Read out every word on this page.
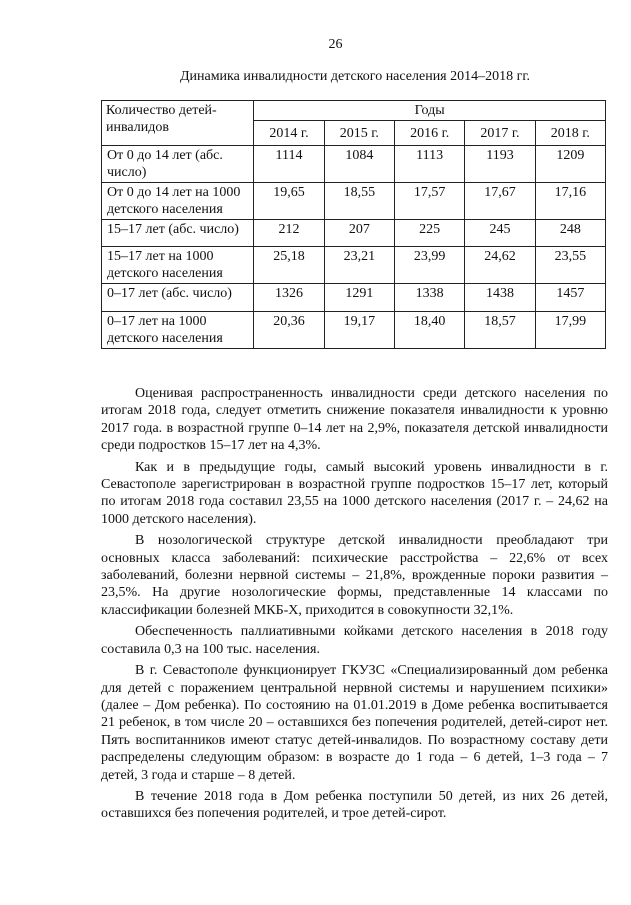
26
Динамика инвалидности детского населения 2014–2018 гг.
Количество детей-инвалидов	Годы				
	2014 г.	2015 г.	2016 г.	2017 г.	2018 г.
От 0 до 14 лет (абс. число)	1114	1084	1113	1193	1209
От 0 до 14 лет на 1000 детского населения	19,65	18,55	17,57	17,67	17,16
15–17 лет (абс. число)	212	207	225	245	248
15–17 лет на 1000 детского населения	25,18	23,21	23,99	24,62	23,55
0–17 лет (абс. число)	1326	1291	1338	1438	1457
0–17 лет на 1000 детского населения	20,36	19,17	18,40	18,57	17,99

Оценивая распространенность инвалидности среди детского населения по итогам 2018 года, следует отметить снижение показателя инвалидности к уровню 2017 года. в возрастной группе 0–14 лет на 2,9%, показателя детской инвалидности среди подростков 15–17 лет на 4,3%.

Как и в предыдущие годы, самый высокий уровень инвалидности в г. Севастополе зарегистрирован в возрастной группе подростков 15–17 лет, который по итогам 2018 года составил 23,55 на 1000 детского населения (2017 г. – 24,62 на 1000 детского населения).

В нозологической структуре детской инвалидности преобладают три основных класса заболеваний: психические расстройства – 22,6% от всех заболеваний, болезни нервной системы – 21,8%, врожденные пороки развития – 23,5%. На другие нозологические формы, представленные 14 классами по классификации болезней МКБ-Х, приходится в совокупности 32,1%.

Обеспеченность паллиативными койками детского населения в 2018 году составила 0,3 на 100 тыс. населения.

В г. Севастополе функционирует ГКУЗС «Специализированный дом ребенка для детей с поражением центральной нервной системы и нарушением психики» (далее – Дом ребенка). По состоянию на 01.01.2019 в Доме ребенка воспитывается 21 ребенок, в том числе 20 – оставшихся без попечения родителей, детей-сирот нет. Пять воспитанников имеют статус детей-инвалидов. По возрастному составу дети распределены следующим образом: в возрасте до 1 года – 6 детей, 1–3 года – 7 детей, 3 года и старше – 8 детей.

В течение 2018 года в Дом ребенка поступили 50 детей, из них 26 детей, оставшихся без попечения родителей, и трое детей-сирот.
